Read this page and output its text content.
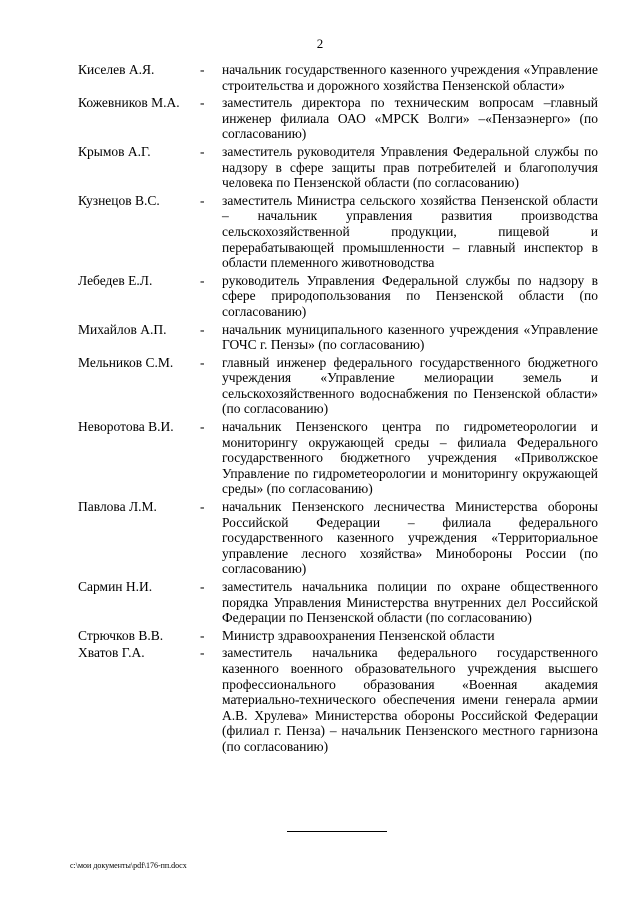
2
Киселев А.Я.	-	начальник государственного казенного учреждения «Управление строительства и дорожного хозяйства Пензенской области»
Кожевников М.А.	-	заместитель директора по техническим вопросам –главный инженер филиала ОАО «МРСК Волги» –«Пензаэнерго» (по согласованию)
Крымов А.Г.	-	заместитель руководителя Управления Федеральной службы по надзору в сфере защиты прав потребителей и благополучия человека по Пензенской области (по согласованию)
Кузнецов В.С.	-	заместитель Министра сельского хозяйства Пензенской области – начальник управления развития производства сельскохозяйственной продукции, пищевой и перерабатывающей промышленности – главный инспектор в области племенного животноводства
Лебедев Е.Л.	-	руководитель Управления Федеральной службы по надзору в сфере природопользования по Пензенской области (по согласованию)
Михайлов А.П.	-	начальник муниципального казенного учреждения «Управление ГОЧС г. Пензы» (по согласованию)
Мельников С.М.	-	главный инженер федерального государственного бюджетного учреждения «Управление мелиорации земель и сельскохозяйственного водоснабжения по Пензенской области» (по согласованию)
Неворотова В.И.	-	начальник Пензенского центра по гидрометеорологии и мониторингу окружающей среды – филиала Федерального государственного бюджетного учреждения «Приволжское Управление по гидрометеорологии и мониторингу окружающей среды» (по согласованию)
Павлова Л.М.	-	начальник Пензенского лесничества Министерства обороны Российской Федерации – филиала федерального государственного казенного учреждения «Территориальное управление лесного хозяйства» Минобороны России (по согласованию)
Сармин Н.И.	-	заместитель начальника полиции по охране общественного порядка Управления Министерства внутренних дел Российской Федерации по Пензенской области (по согласованию)
Стрючков В.В.	-	Министр здравоохранения Пензенской области
Хватов Г.А.	-	заместитель начальника федерального государственного казенного военного образовательного учреждения высшего профессионального образования «Военная академия материально-технического обеспечения имени генерала армии А.В. Хрулева» Министерства обороны Российской Федерации (филиал г. Пенза) – начальник Пензенского местного гарнизона (по согласованию)
c:\мои документы\pdf\176-пп.docx
